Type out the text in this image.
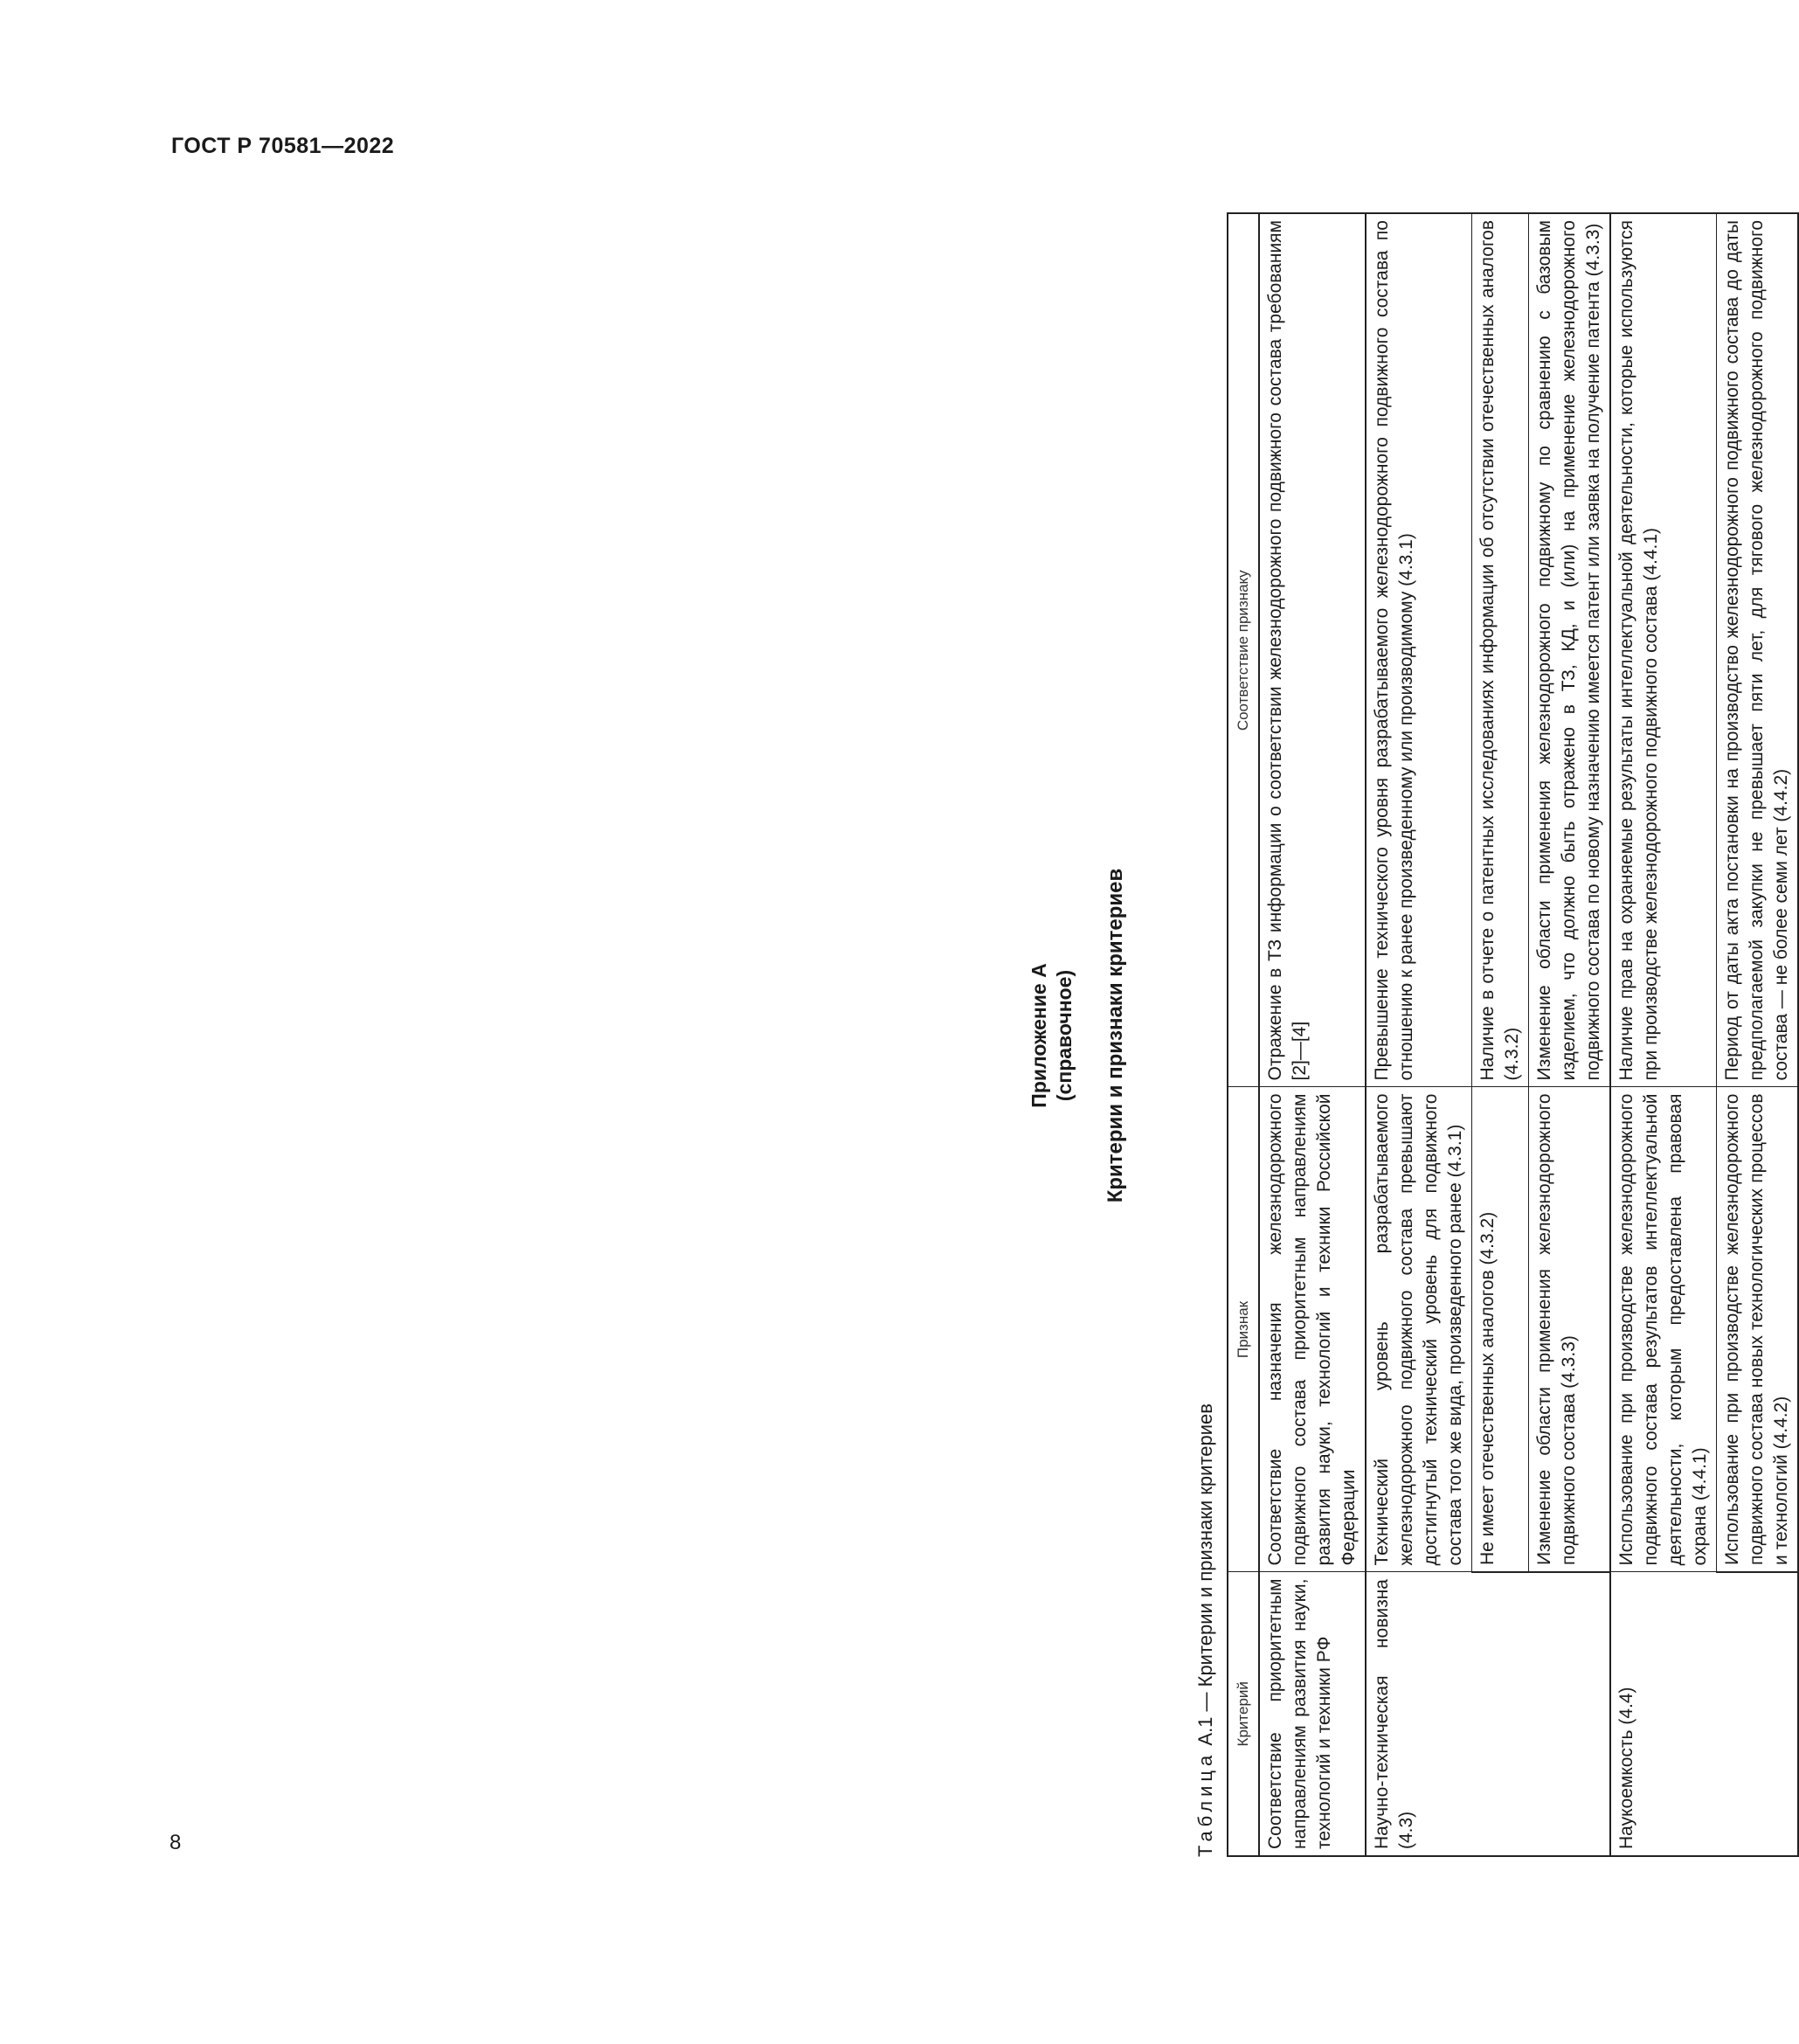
ГОСТ Р 70581—2022
Приложение А (справочное) Критерии и признаки критериев
Таблица А.1 — Критерии и признаки критериев Критерий	Признак	Соответствие признаку
Соответствие приоритетным направлениям развития науки, технологий и техники РФ	Соответствие назначения железнодорожного подвижного состава приоритетным направлениям развития науки, технологий и техники Российской Федерации	Отражение в ТЗ информации о соответствии железнодорожного подвижного состава требованиям [2]—[4]
Научно-техническая новизна (4.3)	Технический уровень разрабатываемого железнодорожного подвижного состава превышают достигнутый технический уровень для подвижного состава того же вида, произведенного ранее (4.3.1)	Превышение технического уровня разрабатываемого железнодорожного подвижного состава по отношению к ранее произведенному или производимому (4.3.1)
	Не имеет отечественных аналогов (4.3.2)	Наличие в отчете о патентных исследованиях информации об отсутствии отечественных аналогов (4.3.2)
	Изменение области применения железнодорожного подвижного состава (4.3.3)	Изменение области применения железнодорожного подвижному по сравнению с базовым изделием, что должно быть отражено в ТЗ, КД, и (или) на применение железнодорожного подвижного состава по новому назначению имеется патент или заявка на получение патента (4.3.3)
Наукоемкость (4.4)	Использование при производстве железнодорожного подвижного состава результатов интеллектуальной деятельности, которым предоставлена правовая охрана (4.4.1)	Наличие прав на охраняемые результаты интеллектуальной деятельности, которые используются при производстве железнодорожного подвижного состава (4.4.1)
	Использование при производстве железнодорожного подвижного состава новых технологических процессов и технологий (4.4.2)	Период от даты акта постановки на производство железнодорожного подвижного состава до даты предполагаемой закупки не превышает пяти лет, для тягового железнодорожного подвижного состава — не более семи лет (4.4.2)
8
